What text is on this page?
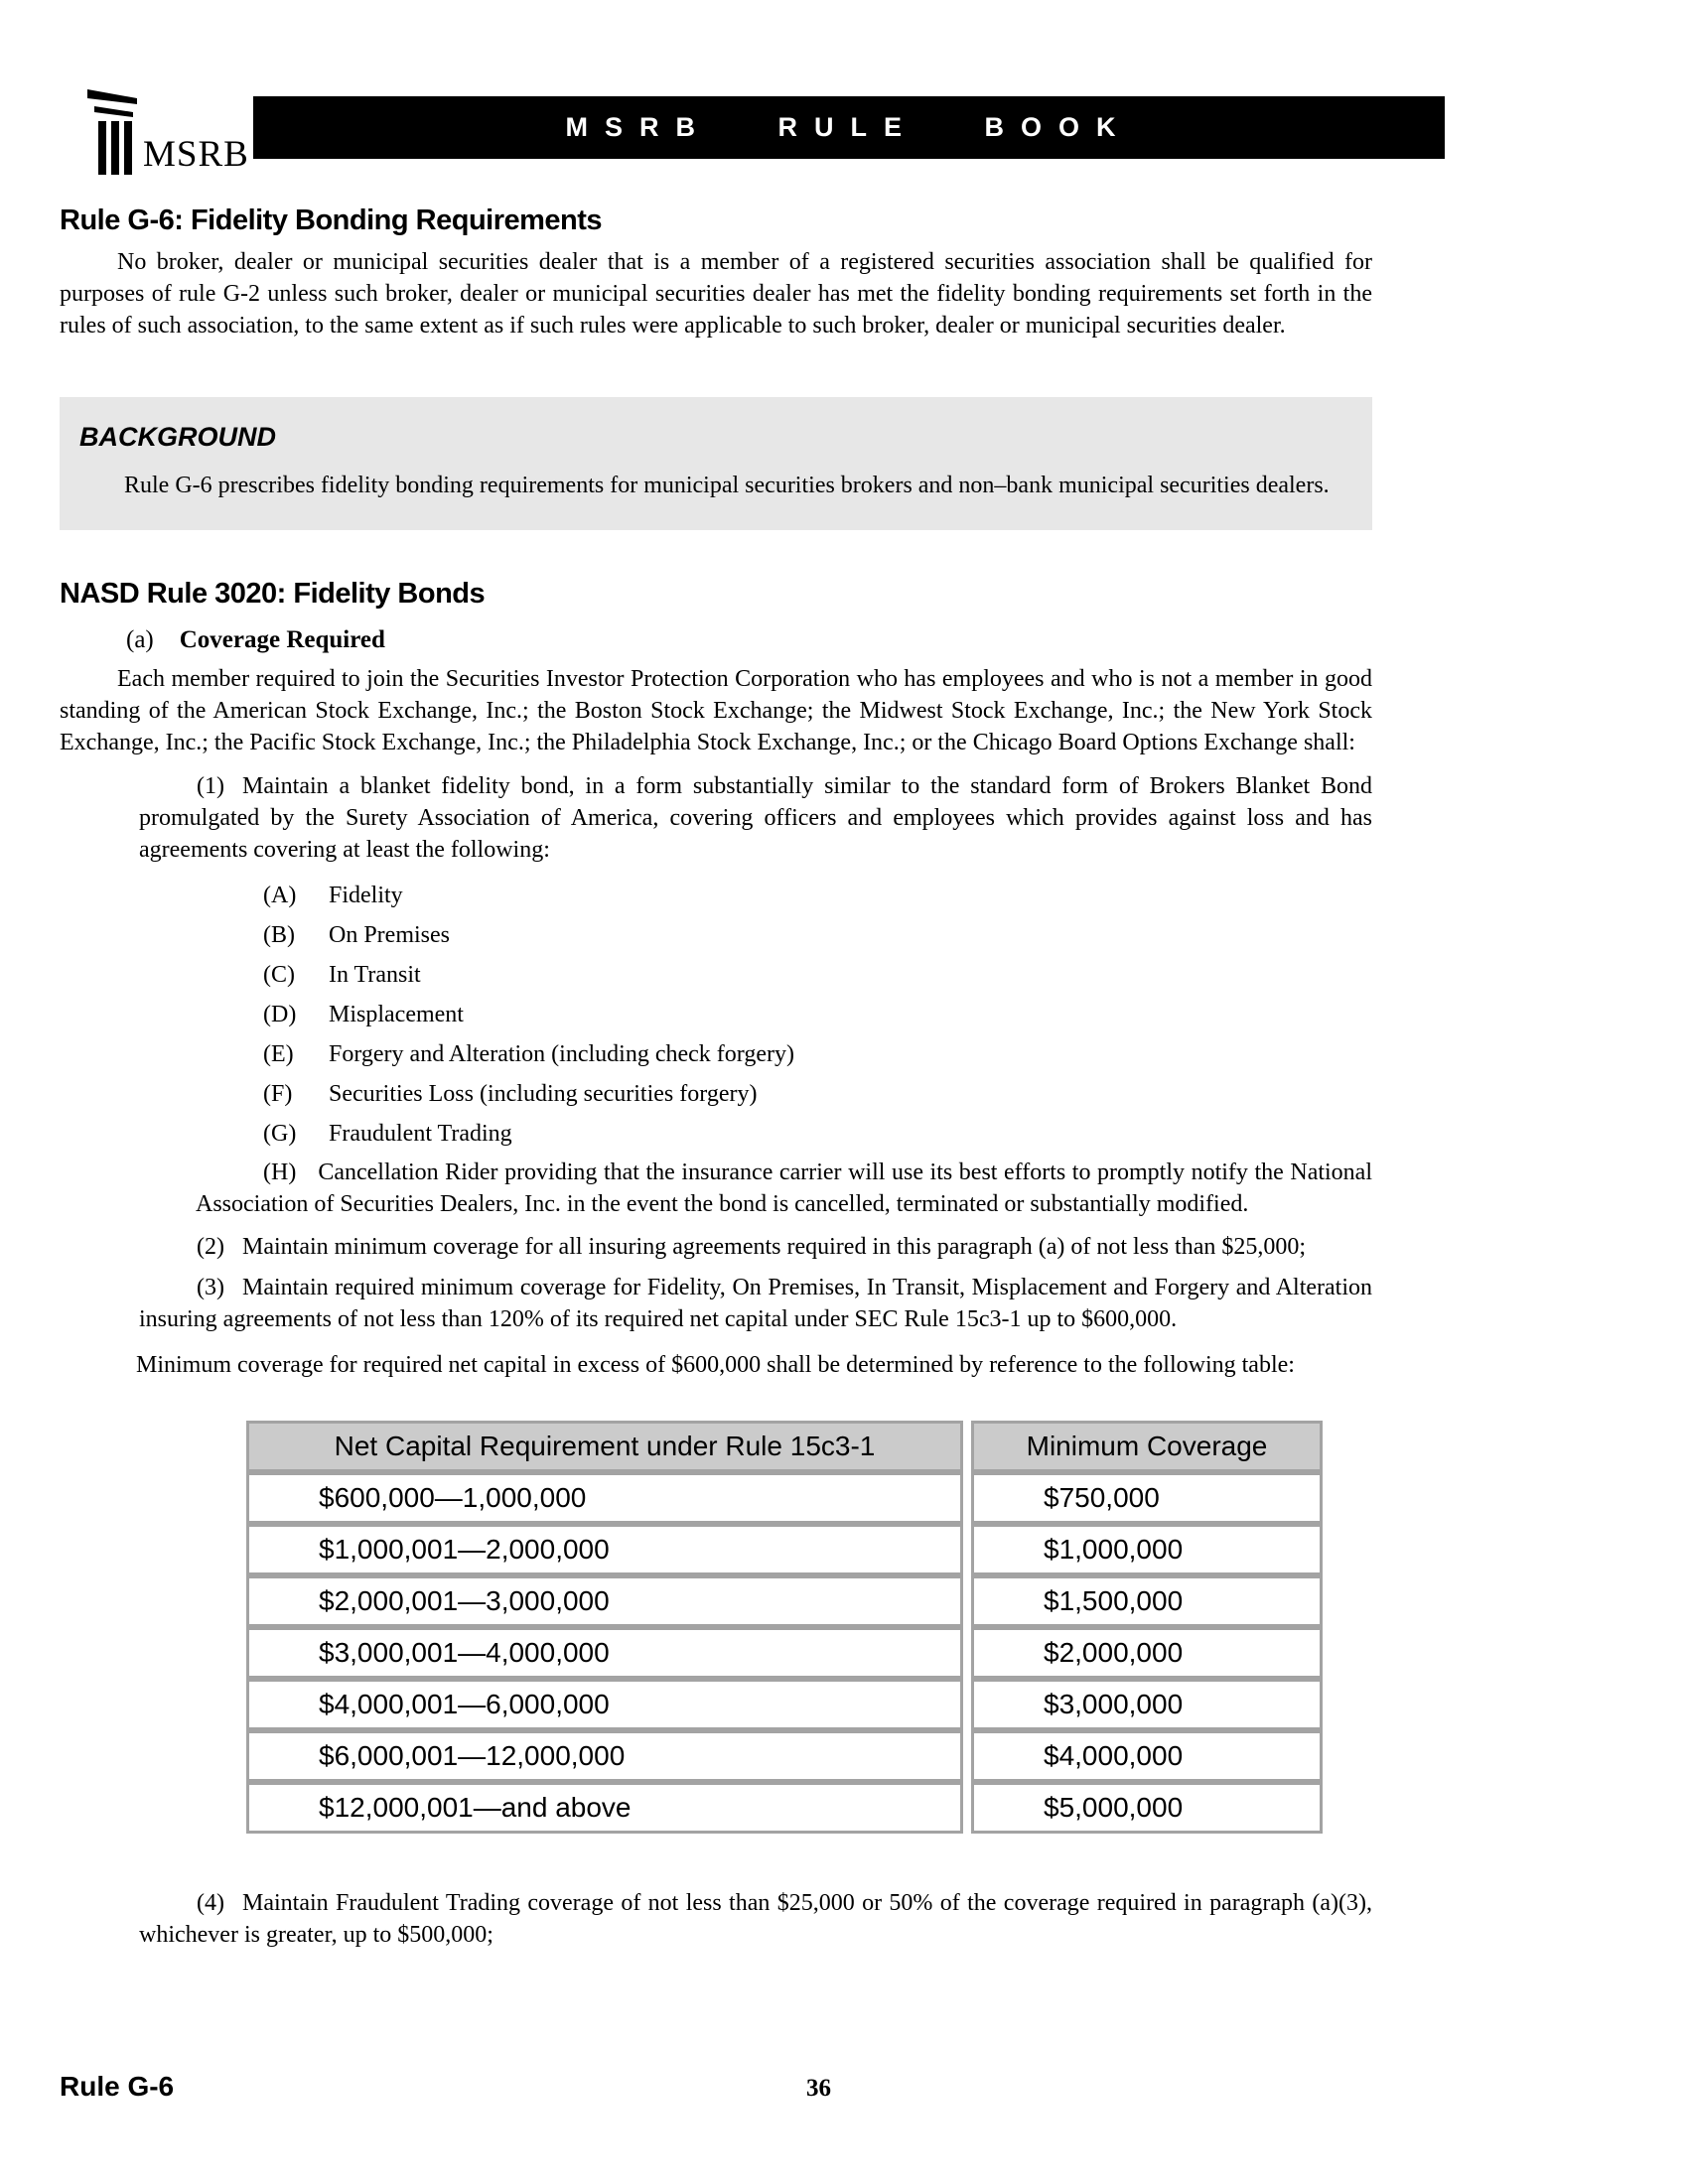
MSRB
MSRB RULE BOOK
Rule G-6: Fidelity Bonding Requirements

No broker, dealer or municipal securities dealer that is a member of a registered securities association shall be qualified for purposes of rule G-2 unless such broker, dealer or municipal securities dealer has met the fidelity bonding requirements set forth in the rules of such association, to the same extent as if such rules were applicable to such broker, dealer or municipal securities dealer.

BACKGROUND

Rule G-6 prescribes fidelity bonding requirements for municipal securities brokers and non–bank municipal securities dealers.

NASD Rule 3020: Fidelity Bonds
(a) Coverage Required

Each member required to join the Securities Investor Protection Corporation who has employees and who is not a member in good standing of the American Stock Exchange, Inc.; the Boston Stock Exchange; the Midwest Stock Exchange, Inc.; the New York Stock Exchange, Inc.; the Pacific Stock Exchange, Inc.; the Philadelphia Stock Exchange, Inc.; or the Chicago Board Options Exchange shall:

(1) Maintain a blanket fidelity bond, in a form substantially similar to the standard form of Brokers Blanket Bond promulgated by the Surety Association of America, covering officers and employees which provides against loss and has agreements covering at least the following:

(A) Fidelity
(B) On Premises
(C) In Transit
(D) Misplacement
(E) Forgery and Alteration (including check forgery)
(F) Securities Loss (including securities forgery)
(G) Fraudulent Trading

(H) Cancellation Rider providing that the insurance carrier will use its best efforts to promptly notify the National Association of Securities Dealers, Inc. in the event the bond is cancelled, terminated or substantially modified.

(2) Maintain minimum coverage for all insuring agreements required in this paragraph (a) of not less than $25,000;

(3) Maintain required minimum coverage for Fidelity, On Premises, In Transit, Misplacement and Forgery and Alteration insuring agreements of not less than 120% of its required net capital under SEC Rule 15c3-1 up to $600,000.

Minimum coverage for required net capital in excess of $600,000 shall be determined by reference to the following table:

Net Capital Requirement under Rule 15c3-1	Minimum Coverage
$600,000—1,000,000	$750,000
$1,000,001—2,000,000	$1,000,000
$2,000,001—3,000,000	$1,500,000
$3,000,001—4,000,000	$2,000,000
$4,000,001—6,000,000	$3,000,000
$6,000,001—12,000,000	$4,000,000
$12,000,001—and above	$5,000,000

(4) Maintain Fraudulent Trading coverage of not less than $25,000 or 50% of the coverage required in paragraph (a)(3), whichever is greater, up to $500,000;

Rule G-6	36
